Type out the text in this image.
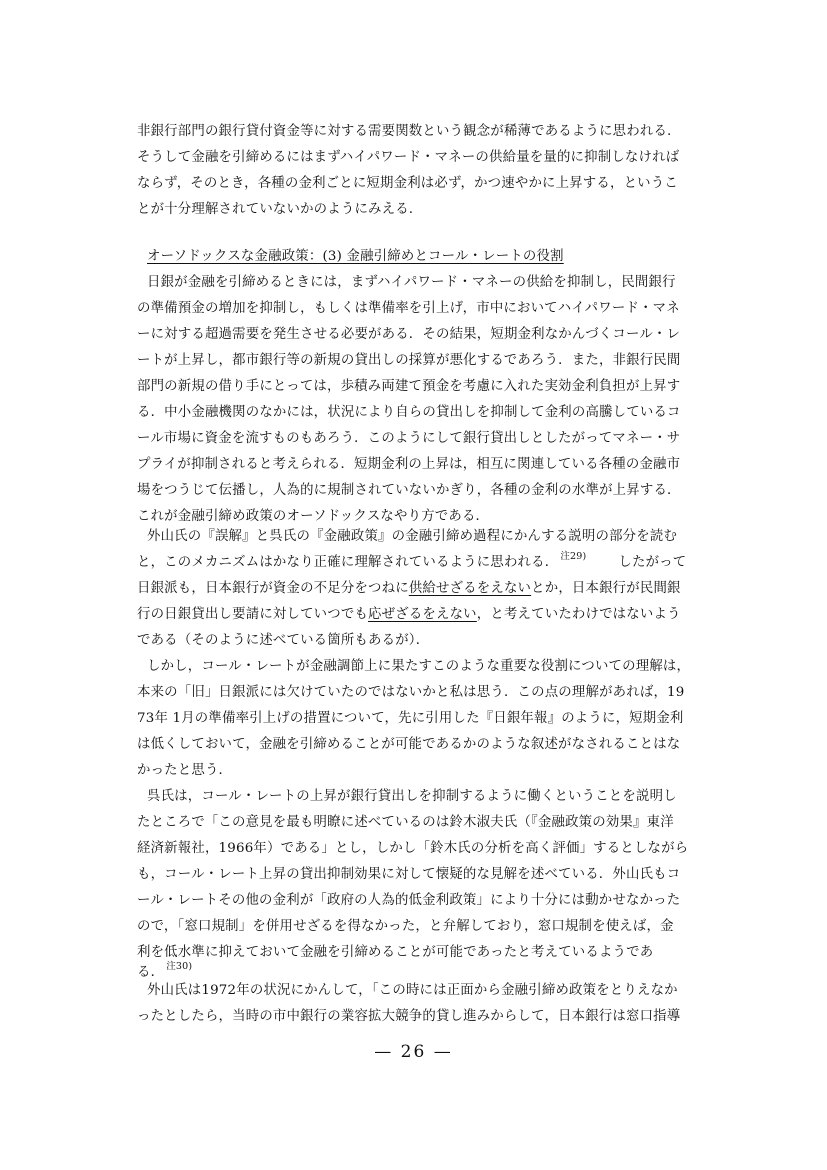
非銀行部門の銀行貸付資金等に対する需要関数という観念が稀薄であるように思われる.
そうして金融を引締めるにはまずハイパワード・マネーの供給量を量的に抑制しなければ
ならず，そのとき，各種の金利ごとに短期金利は必ず，かつ速やかに上昇する，というこ
とが十分理解されていないかのようにみえる.
オーソドックスな金融政策：(3) 金融引締めとコール・レートの役割
日銀が金融を引締めるときには，まずハイパワード・マネーの供給を抑制し，民間銀行
の準備預金の増加を抑制し，もしくは準備率を引上げ，市中においてハイパワード・マネ
ーに対する超過需要を発生させる必要がある．その結果，短期金利なかんづくコール・レ
ートが上昇し，都市銀行等の新規の貸出しの採算が悪化するであろう．また，非銀行民間
部門の新規の借り手にとっては，歩積み両建て預金を考慮に入れた実効金利負担が上昇す
る．中小金融機関のなかには，状況により自らの貸出しを抑制して金利の高騰しているコ
ール市場に資金を流すものもあろう．このようにして銀行貸出しとしたがってマネー・サ
プライが抑制されると考えられる．短期金利の上昇は，相互に関連している各種の金融市
場をつうじて伝播し，人為的に規制されていないかぎり，各種の金利の水準が上昇する．
これが金融引締め政策のオーソドックスなやり方である．
外山氏の『誤解』と呉氏の『金融政策』の金融引締め過程にかんする説明の部分を読む
と，このメカニズムはかなり正確に理解されているように思われる． $^{注29)}$ したがって
日銀派も，日本銀行が資金の不足分をつねに供給せざるをえないとか，日本銀行が民間銀
行の日銀貸出し要請に対していつでも応ぜざるをえない，と考えていたわけではないよう
である（そのように述べている箇所もあるが）．
しかし，コール・レートが金融調節上に果たすこのような重要な役割についての理解は，
本来の「旧」日銀派には欠けていたのではないかと私は思う．この点の理解があれば，19
73年 1月の準備率引上げの措置について，先に引用した『日銀年報』のように，短期金利
は低くしておいて，金融を引締めることが可能であるかのような叙述がなされることはな
かったと思う．
呉氏は，コール・レートの上昇が銀行貸出しを抑制するように働くということを説明し
たところで「この意見を最も明瞭に述べているのは鈴木淑夫氏（『金融政策の効果』東洋
経済新報社，1966年）である」とし，しかし「鈴木氏の分析を高く評価」するとしながら
も，コール・レート上昇の貸出抑制効果に対して懐疑的な見解を述べている．外山氏もコ
ール・レートその他の金利が「政府の人為的低金利政策」により十分には動かせなかった
ので，「窓口規制」を併用せざるを得なかった，と弁解しており，窓口規制を使えば，金
利を低水準に抑えておいて金融を引締めることが可能であったと考えているようであ
る． $^{注30)}$
外山氏は1972年の状況にかんして，「この時には正面から金融引締め政策をとりえなか
ったとしたら，当時の市中銀行の業容拡大競争的貸し進みからして，日本銀行は窓口指導
— 26 —
